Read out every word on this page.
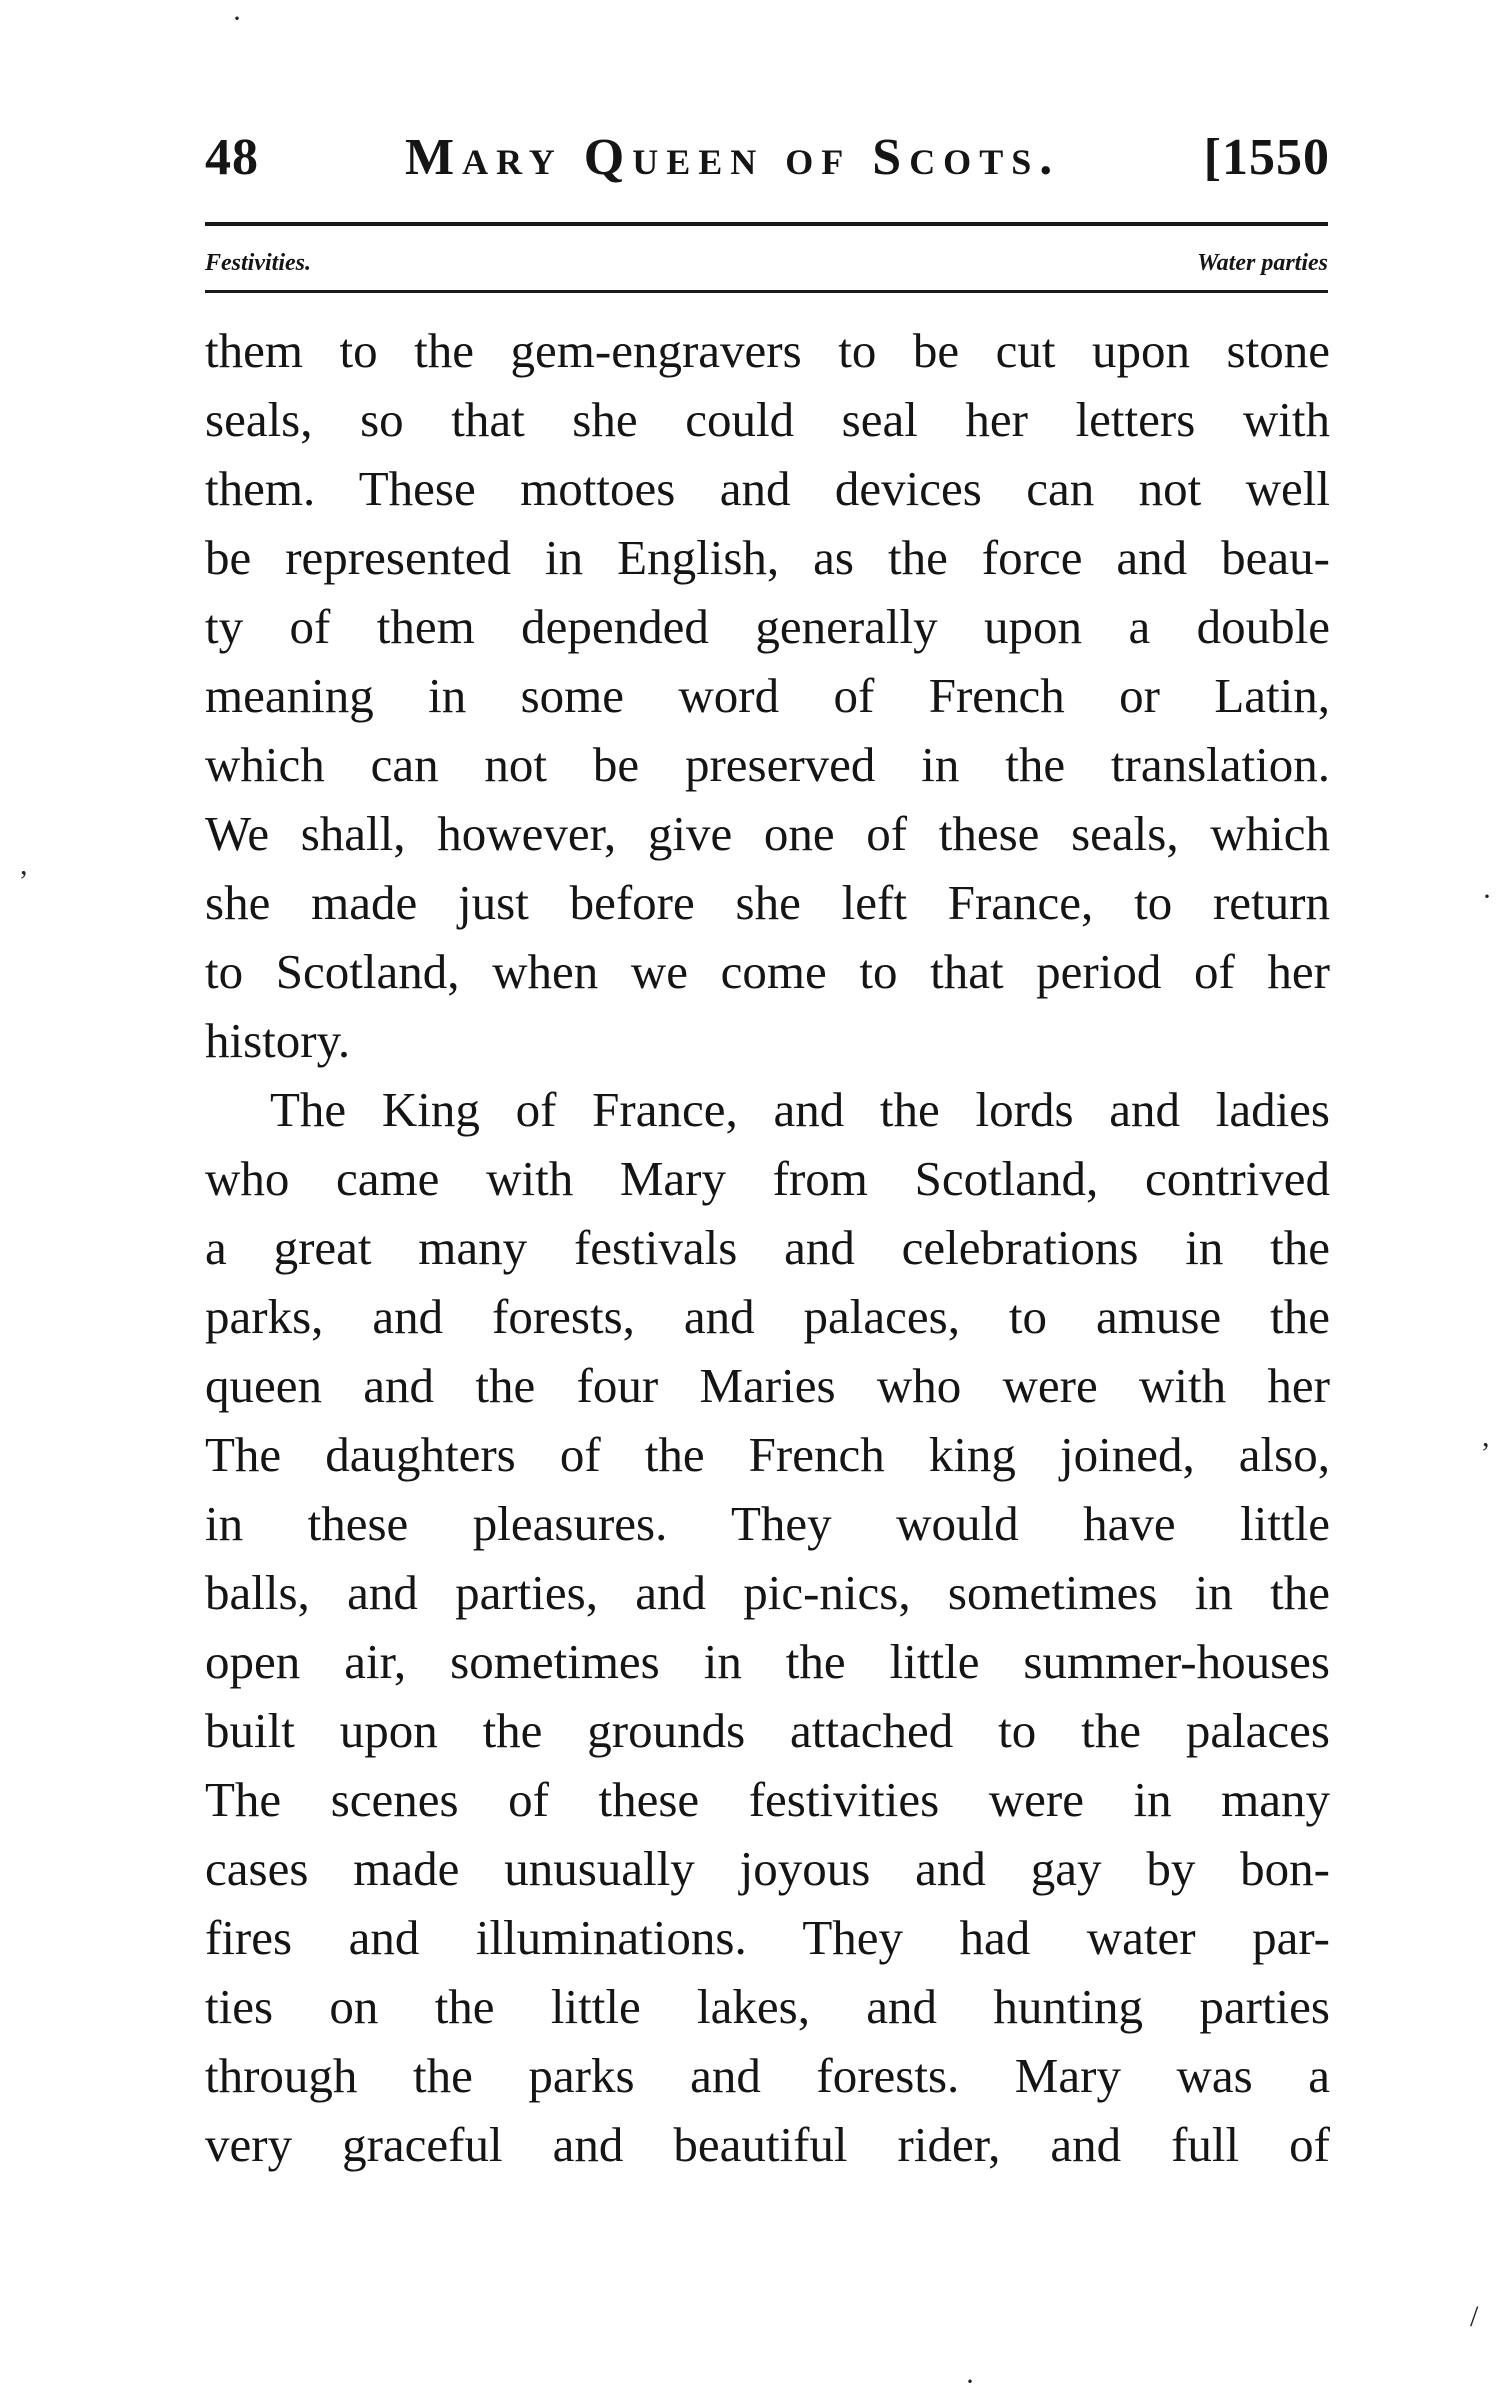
48	Mary Queen of Scots.	[1550
Festivities.	Water parties
them to the gem-engravers to be cut upon stone
seals, so that she could seal her letters with
them. These mottoes and devices can not well
be represented in English, as the force and beau-
ty of them depended generally upon a double
meaning in some word of French or Latin,
which can not be preserved in the translation.
We shall, however, give one of these seals, which
she made just before she left France, to return
to Scotland, when we come to that period of her
history.
The King of France, and the lords and ladies
who came with Mary from Scotland, contrived
a great many festivals and celebrations in the
parks, and forests, and palaces, to amuse the
queen and the four Maries who were with her
The daughters of the French king joined, also,
in these pleasures. They would have little
balls, and parties, and pic-nics, sometimes in the
open air, sometimes in the little summer-houses
built upon the grounds attached to the palaces
The scenes of these festivities were in many
cases made unusually joyous and gay by bon-
fires and illuminations. They had water par-
ties on the little lakes, and hunting parties
through the parks and forests. Mary was a
very graceful and beautiful rider, and full of
·
,
·
,
/
·
